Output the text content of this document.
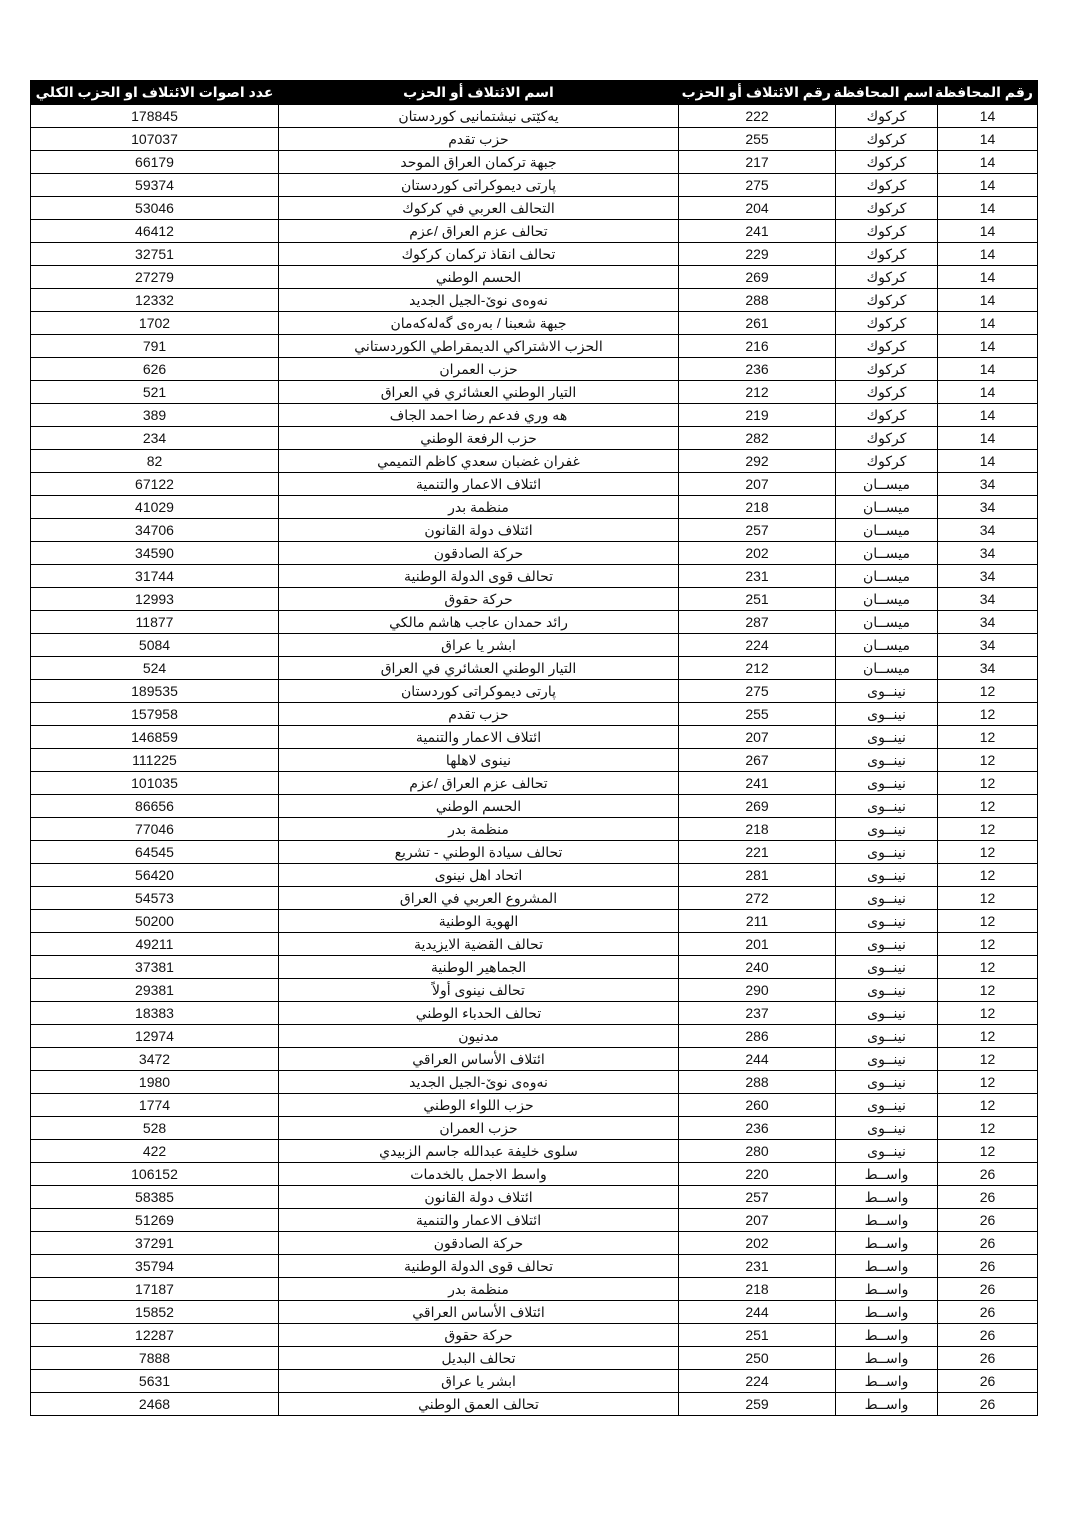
رقم المحافظة	اسم المحافظة	رقم الائتلاف أو الحزب	اسم الائتلاف أو الحزب	عدد اصوات الائتلاف او الحزب الكلي
14	كركوك	222	یەکێتی نیشتمانیی کوردستان	178845
14	كركوك	255	حزب تقدم	107037
14	كركوك	217	جبهة تركمان العراق الموحد	66179
14	كركوك	275	پارتی دیموکراتی کوردستان	59374
14	كركوك	204	التحالف العربي في كركوك	53046
14	كركوك	241	تحالف عزم العراق /عزم	46412
14	كركوك	229	تحالف انقاذ تركمان كركوك	32751
14	كركوك	269	الحسم الوطني	27279
14	كركوك	288	نەوەی نوێ-الجيل الجديد	12332
14	كركوك	261	جبهة شعبنا / بەرەی گەلەکەمان	1702
14	كركوك	216	الحزب الاشتراكي الديمقراطي الكوردستاني	791
14	كركوك	236	حزب العمران	626
14	كركوك	212	التيار الوطني العشائري في العراق	521
14	كركوك	219	هه وري فدعم رضا احمد الجاف	389
14	كركوك	282	حزب الرفعة الوطني	234
14	كركوك	292	غفران غضبان سعدي كاظم التميمي	82
34	ميســان	207	ائتلاف الاعمار والتنمية	67122
34	ميســان	218	منظمة بدر	41029
34	ميســان	257	ائتلاف دولة القانون	34706
34	ميســان	202	حركة الصادقون	34590
34	ميســان	231	تحالف قوى الدولة الوطنية	31744
34	ميســان	251	حركة حقوق	12993
34	ميســان	287	رائد حمدان عاجب هاشم مالكي	11877
34	ميســان	224	ابشر يا عراق	5084
34	ميســان	212	التيار الوطني العشائري في العراق	524
12	نينــوى	275	پارتی دیموکراتی کوردستان	189535
12	نينــوى	255	حزب تقدم	157958
12	نينــوى	207	ائتلاف الاعمار والتنمية	146859
12	نينــوى	267	نينوى لاهلها	111225
12	نينــوى	241	تحالف عزم العراق /عزم	101035
12	نينــوى	269	الحسم الوطني	86656
12	نينــوى	218	منظمة بدر	77046
12	نينــوى	221	تحالف سيادة الوطني - تشريع	64545
12	نينــوى	281	اتحاد اهل نينوى	56420
12	نينــوى	272	المشروع العربي في العراق	54573
12	نينــوى	211	الهوية الوطنية	50200
12	نينــوى	201	تحالف القضية الايزيدية	49211
12	نينــوى	240	الجماهير الوطنية	37381
12	نينــوى	290	تحالف نينوى أولاً	29381
12	نينــوى	237	تحالف الحدباء الوطني	18383
12	نينــوى	286	مدنيون	12974
12	نينــوى	244	ائتلاف الأساس العراقي	3472
12	نينــوى	288	نەوەی نوێ-الجيل الجديد	1980
12	نينــوى	260	حزب اللواء الوطني	1774
12	نينــوى	236	حزب العمران	528
12	نينــوى	280	سلوى خليفة عبدالله جاسم الزبيدي	422
26	واســط	220	واسط الاجمل بالخدمات	106152
26	واســط	257	ائتلاف دولة القانون	58385
26	واســط	207	ائتلاف الاعمار والتنمية	51269
26	واســط	202	حركة الصادقون	37291
26	واســط	231	تحالف قوى الدولة الوطنية	35794
26	واســط	218	منظمة بدر	17187
26	واســط	244	ائتلاف الأساس العراقي	15852
26	واســط	251	حركة حقوق	12287
26	واســط	250	تحالف البديل	7888
26	واســط	224	ابشر يا عراق	5631
26	واســط	259	تحالف العمق الوطني	2468
